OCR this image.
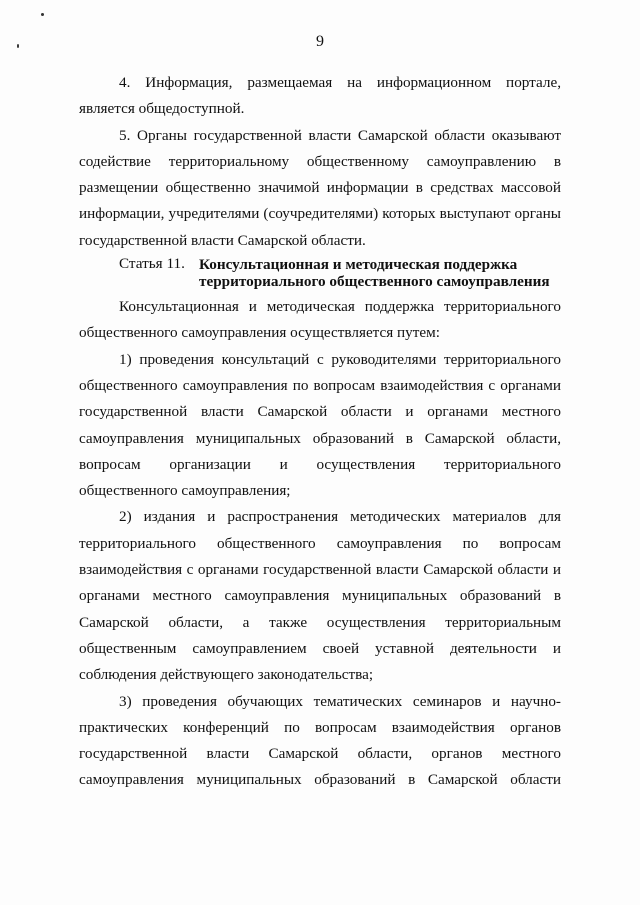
9

4. Информация, размещаемая на информационном портале, является общедоступной.

5. Органы государственной власти Самарской области оказывают содействие территориальному общественному самоуправлению в размещении общественно значимой информации в средствах массовой информации, учредителями (соучредителями) которых выступают органы государственной власти Самарской области.

Статья 11. Консультационная и методическая поддержка территориального общественного самоуправления

Консультационная и методическая поддержка территориального общественного самоуправления осуществляется путем:

1) проведения консультаций с руководителями территориального общественного самоуправления по вопросам взаимодействия с органами государственной власти Самарской области и органами местного самоуправления муниципальных образований в Самарской области, вопросам организации и осуществления территориального общественного самоуправления;

2) издания и распространения методических материалов для территориального общественного самоуправления по вопросам взаимодействия с органами государственной власти Самарской области и органами местного самоуправления муниципальных образований в Самарской области, а также осуществления территориальным общественным самоуправлением своей уставной деятельности и соблюдения действующего законодательства;

3) проведения обучающих тематических семинаров и научно-практических конференций по вопросам взаимодействия органов государственной власти Самарской области, органов местного самоуправления муниципальных образований в Самарской области
